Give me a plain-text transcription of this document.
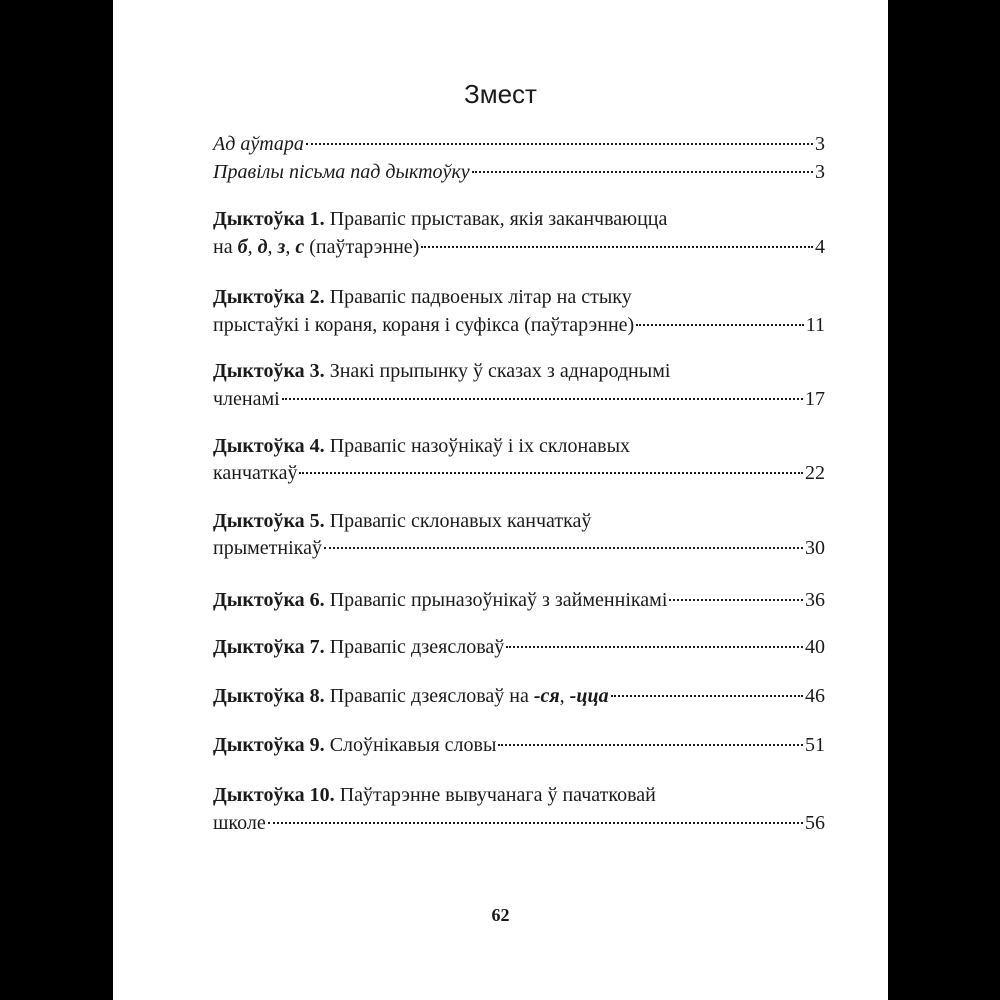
Змест
Ад аўтара	3
Правілы пісьма пад дыктоўку	3
Дыктоўка 1. Правапіс прыставак, якія заканчваюцца
на б, д, з, с (паўтарэнне)	4
Дыктоўка 2. Правапіс падвоеных літар на стыку
прыстаўкі і кораня, кораня і суфікса (паўтарэнне)	11
Дыктоўка 3. Знакі прыпынку ў сказах з аднароднымі
членамі	17
Дыктоўка 4. Правапіс назоўнікаў і іх склонавых
канчаткаў	22
Дыктоўка 5. Правапіс склонавых канчаткаў
прыметнікаў	30
Дыктоўка 6. Правапіс прыназоўнікаў з займеннікамі	36
Дыктоўка 7. Правапіс дзеясловаў	40
Дыктоўка 8. Правапіс дзеясловаў на -ся, -цца	46
Дыктоўка 9. Слоўнікавыя словы	51
Дыктоўка 10. Паўтарэнне вывучанага ў пачатковай
школе	56
62
